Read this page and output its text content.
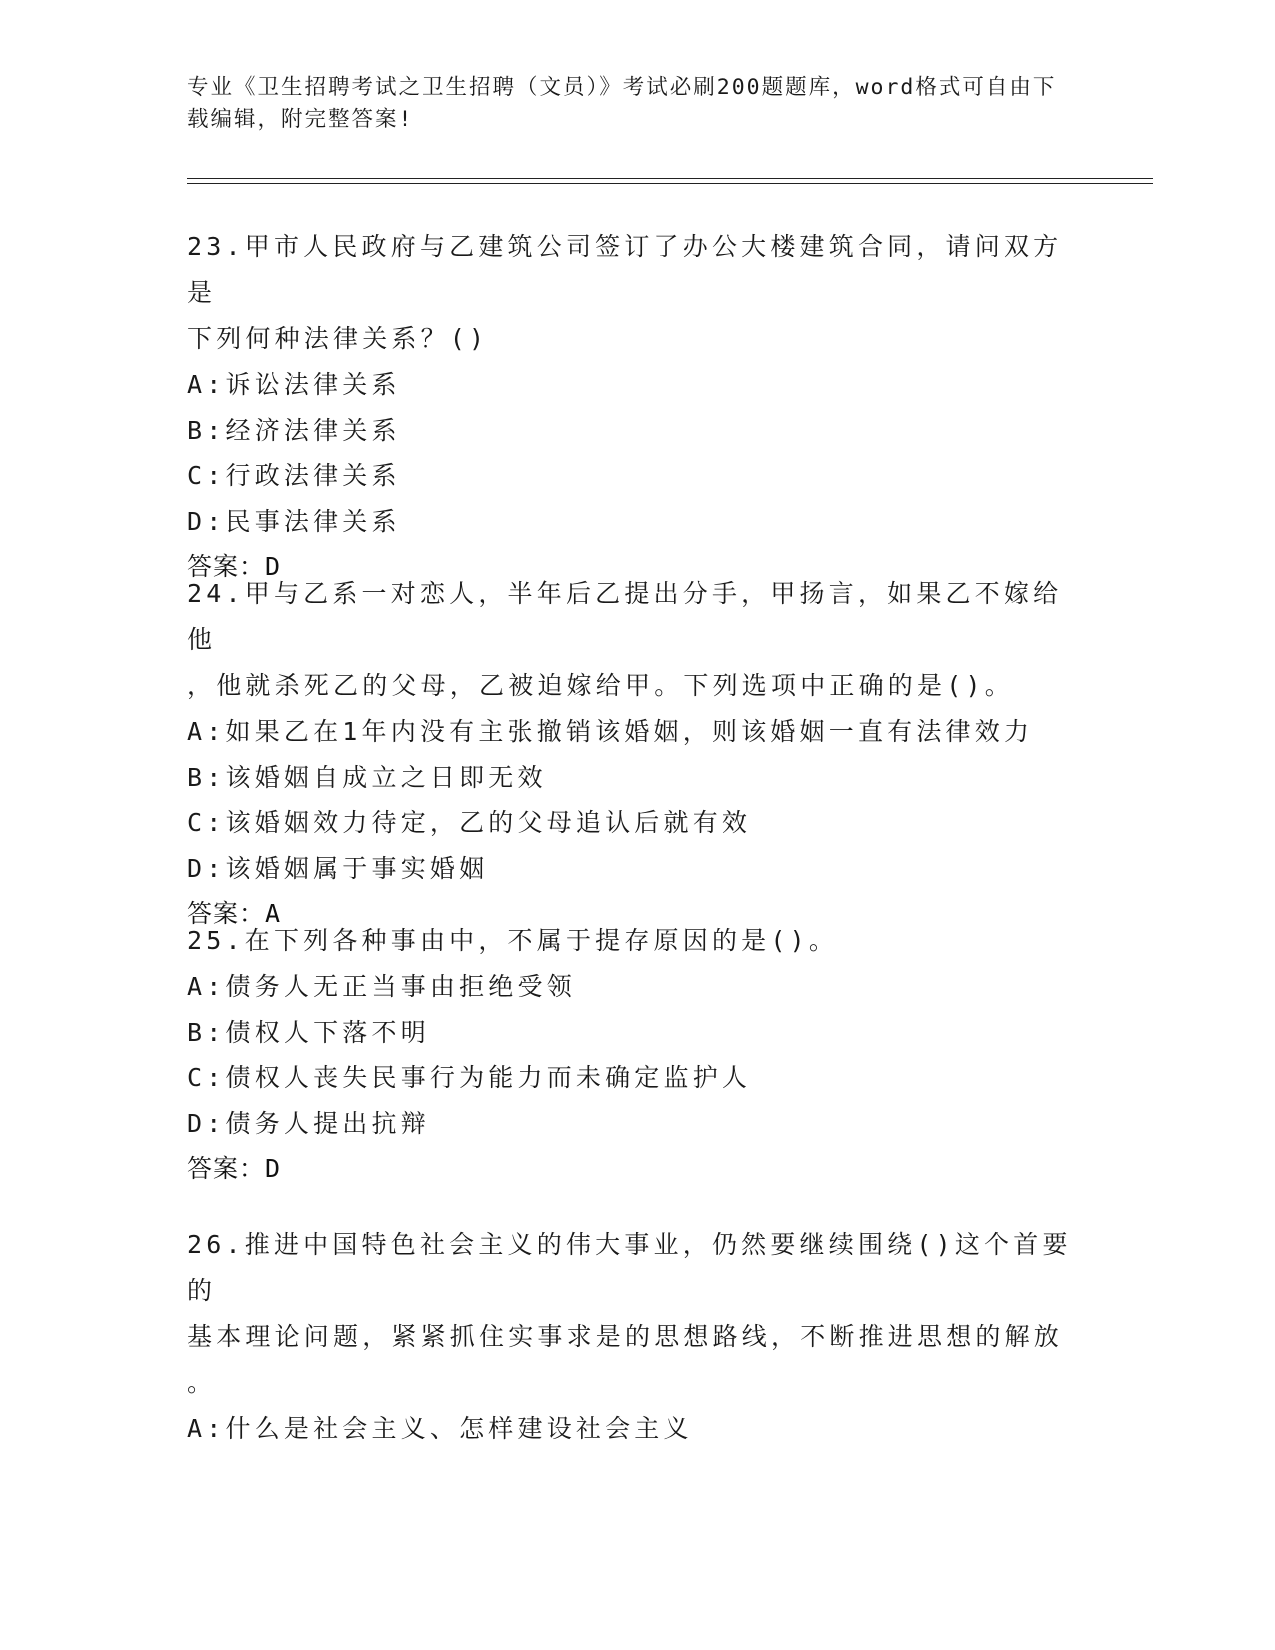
专业《卫生招聘考试之卫生招聘（文员）》考试必刷200题题库，word格式可自由下载编辑，附完整答案!
23.甲市人民政府与乙建筑公司签订了办公大楼建筑合同，请问双方是
下列何种法律关系？()
A:诉讼法律关系
B:经济法律关系
C:行政法律关系
D:民事法律关系
答案：D
24.甲与乙系一对恋人，半年后乙提出分手，甲扬言，如果乙不嫁给他
，他就杀死乙的父母，乙被迫嫁给甲。下列选项中正确的是()。
A:如果乙在1年内没有主张撤销该婚姻，则该婚姻一直有法律效力
B:该婚姻自成立之日即无效
C:该婚姻效力待定，乙的父母追认后就有效
D:该婚姻属于事实婚姻
答案：A
25.在下列各种事由中，不属于提存原因的是()。
A:债务人无正当事由拒绝受领
B:债权人下落不明
C:债权人丧失民事行为能力而未确定监护人
D:债务人提出抗辩
答案：D
26.推进中国特色社会主义的伟大事业，仍然要继续围绕()这个首要的
基本理论问题，紧紧抓住实事求是的思想路线，不断推进思想的解放
。
A:什么是社会主义、怎样建设社会主义
